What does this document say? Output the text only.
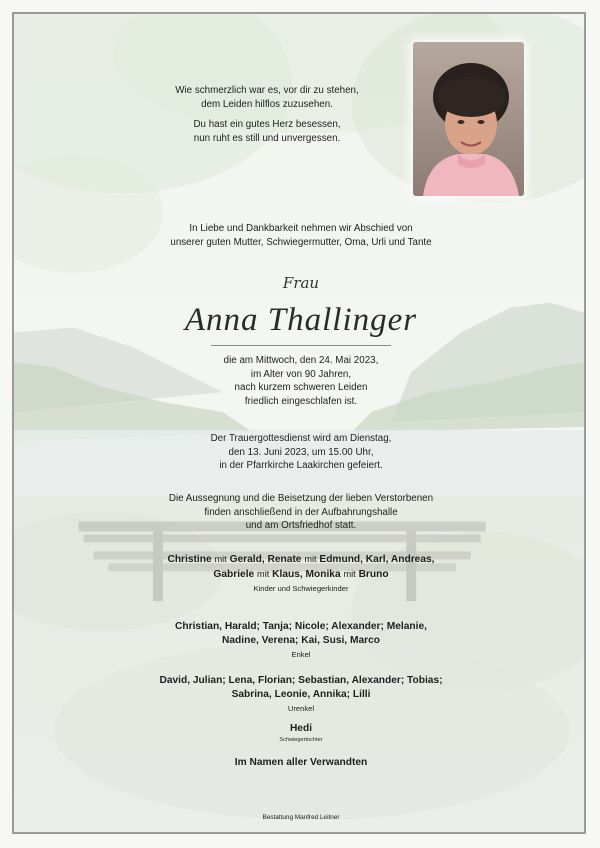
Wie schmerzlich war es, vor dir zu stehen,
dem Leiden hilflos zuzusehen.
Du hast ein gutes Herz besessen,
nun ruht es still und unvergessen.
In Liebe und Dankbarkeit nehmen wir Abschied von
unserer guten Mutter, Schwiegermutter, Oma, Urli und Tante
Frau
Anna Thallinger
die am Mittwoch, den 24. Mai 2023,
im Alter von 90 Jahren,
nach kurzem schweren Leiden
friedlich eingeschlafen ist.
Der Trauergottesdienst wird am Dienstag,
den 13. Juni 2023, um 15.00 Uhr,
in der Pfarrkirche Laakirchen gefeiert.
Die Aussegnung und die Beisetzung der lieben Verstorbenen
finden anschließend in der Aufbahrungshalle
und am Ortsfriedhof statt.
Christine mit Gerald, Renate mit Edmund, Karl, Andreas,
Gabriele mit Klaus, Monika mit Bruno
Kinder und Schwiegerkinder
Christian, Harald; Tanja; Nicole; Alexander; Melanie,
Nadine, Verena; Kai, Susi, Marco
Enkel
David, Julian; Lena, Florian; Sebastian, Alexander; Tobias;
Sabrina, Leonie, Annika; Lilli
Urenkel
Hedi
Schwiegertochter
Im Namen aller Verwandten
Bestattung Manfred Leitner
